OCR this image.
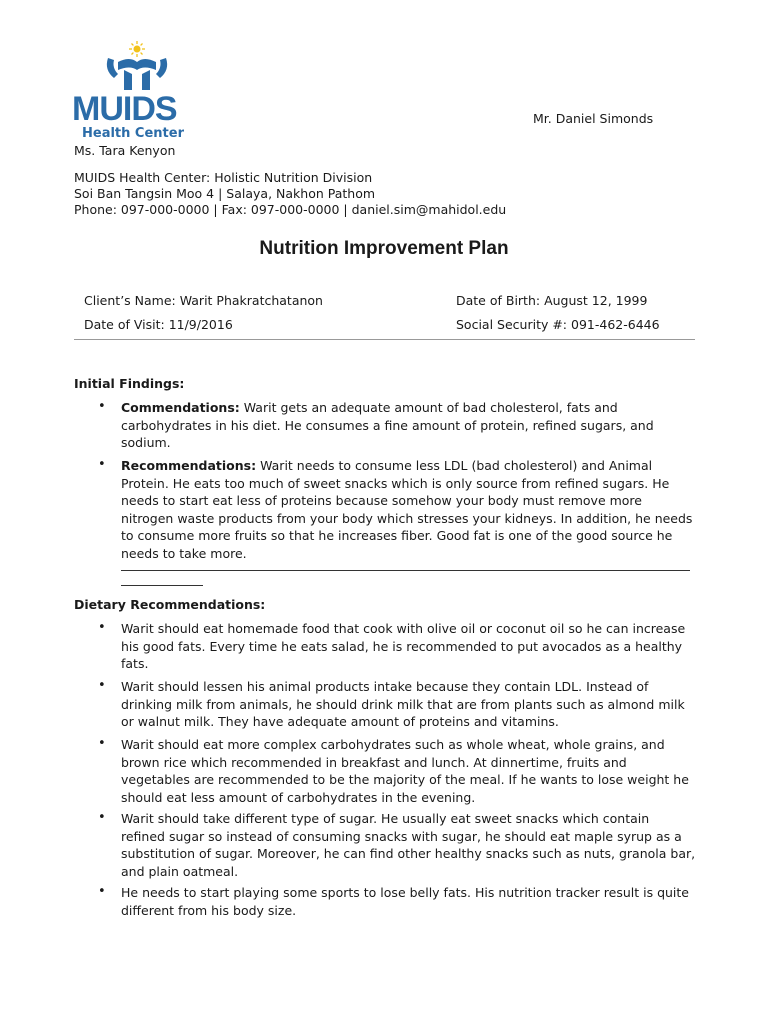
MUIDS
Health Center
Mr. Daniel Simonds
Ms. Tara Kenyon
MUIDS Health Center: Holistic Nutrition Division
Soi Ban Tangsin Moo 4 | Salaya, Nakhon Pathom
Phone: 097-000-0000 | Fax: 097-000-0000 | daniel.sim@mahidol.edu
Nutrition Improvement Plan
Client’s Name: Warit Phakratchatanon	Date of Birth: August 12, 1999
Date of Visit: 11/9/2016	Social Security #: 091-462-6446
Initial Findings:
• Commendations: Warit gets an adequate amount of bad cholesterol, fats and carbohydrates in his diet. He consumes a fine amount of protein, refined sugars, and sodium.
• Recommendations: Warit needs to consume less LDL (bad cholesterol) and Animal Protein. He eats too much of sweet snacks which is only source from refined sugars. He needs to start eat less of proteins because somehow your body must remove more nitrogen waste products from your body which stresses your kidneys. In addition, he needs to consume more fruits so that he increases fiber. Good fat is one of the good source he needs to take more.
Dietary Recommendations:
• Warit should eat homemade food that cook with olive oil or coconut oil so he can increase his good fats. Every time he eats salad, he is recommended to put avocados as a healthy fats.
• Warit should lessen his animal products intake because they contain LDL. Instead of drinking milk from animals, he should drink milk that are from plants such as almond milk or walnut milk. They have adequate amount of proteins and vitamins.
• Warit should eat more complex carbohydrates such as whole wheat, whole grains, and brown rice which recommended in breakfast and lunch. At dinnertime, fruits and vegetables are recommended to be the majority of the meal. If he wants to lose weight he should eat less amount of carbohydrates in the evening.
• Warit should take different type of sugar. He usually eat sweet snacks which contain refined sugar so instead of consuming snacks with sugar, he should eat maple syrup as a substitution of sugar. Moreover, he can find other healthy snacks such as nuts, granola bar, and plain oatmeal.
• He needs to start playing some sports to lose belly fats. His nutrition tracker result is quite different from his body size.
